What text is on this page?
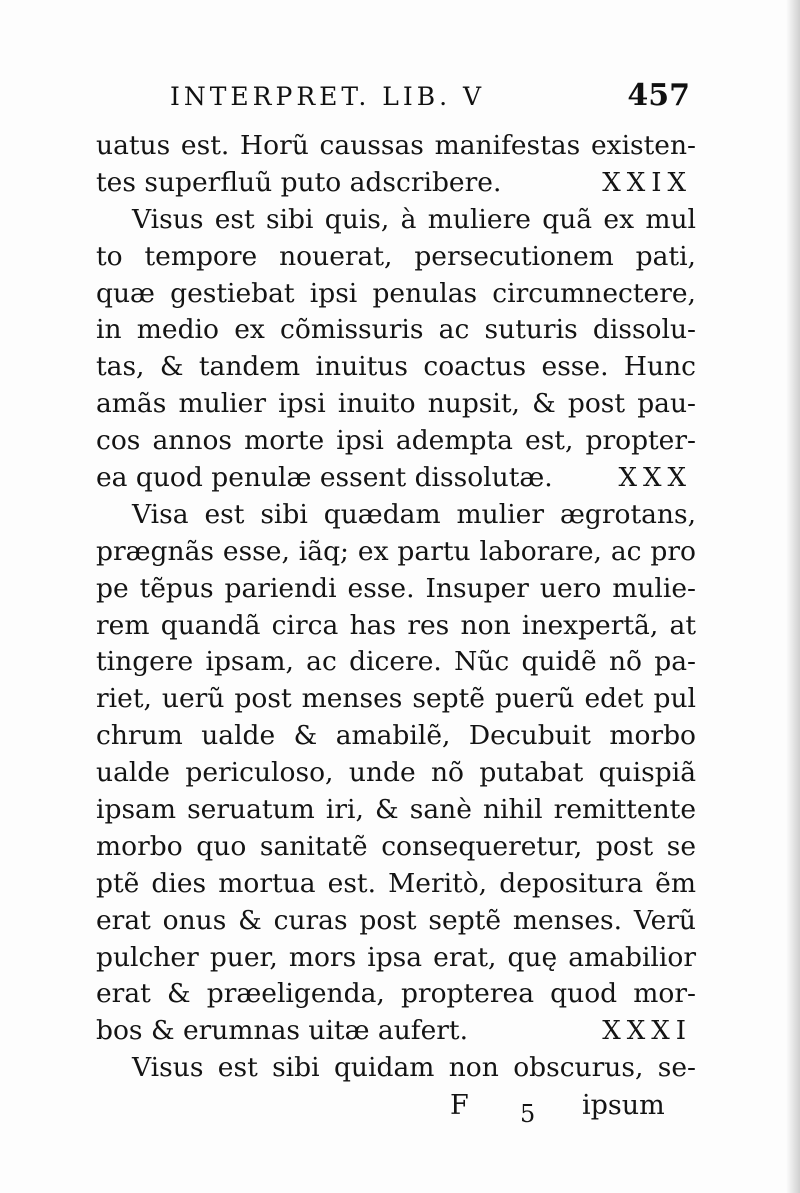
INTERPRET. LIB. V	457
uatus est. Horũ caussas manifestas existen-
tes superfluũ puto adscribere.	XXIX
Visus est sibi quis, à muliere quã ex mul
to tempore nouerat, persecutionem pati,
quæ gestiebat ipsi penulas circumnectere,
in medio ex cõmissuris ac suturis dissolu-
tas, & tandem inuitus coactus esse. Hunc
amãs mulier ipsi inuito nupsit, & post pau-
cos annos morte ipsi adempta est, propter-
ea quod penulæ essent dissolutæ.	XXX
Visa est sibi quædam mulier ægrotans,
prægnãs esse, iãq; ex partu laborare, ac pro
pe tẽpus pariendi esse. Insuper uero mulie-
rem quandã circa has res non inexpertã, at
tingere ipsam, ac dicere. Nũc quidẽ nõ pa-
riet, uerũ post menses septẽ puerũ edet pul
chrum ualde & amabilẽ, Decubuit morbo
ualde periculoso, unde nõ putabat quispiã
ipsam seruatum iri, & sanè nihil remittente
morbo quo sanitatẽ consequeretur, post se
ptẽ dies mortua est. Meritò, depositura ẽm
erat onus & curas post septẽ menses. Verũ
pulcher puer, mors ipsa erat, quę amabilior
erat & præeligenda, propterea quod mor-
bos & erumnas uitæ aufert.	XXXI
Visus est sibi quidam non obscurus, se-
F 5 ipsum
